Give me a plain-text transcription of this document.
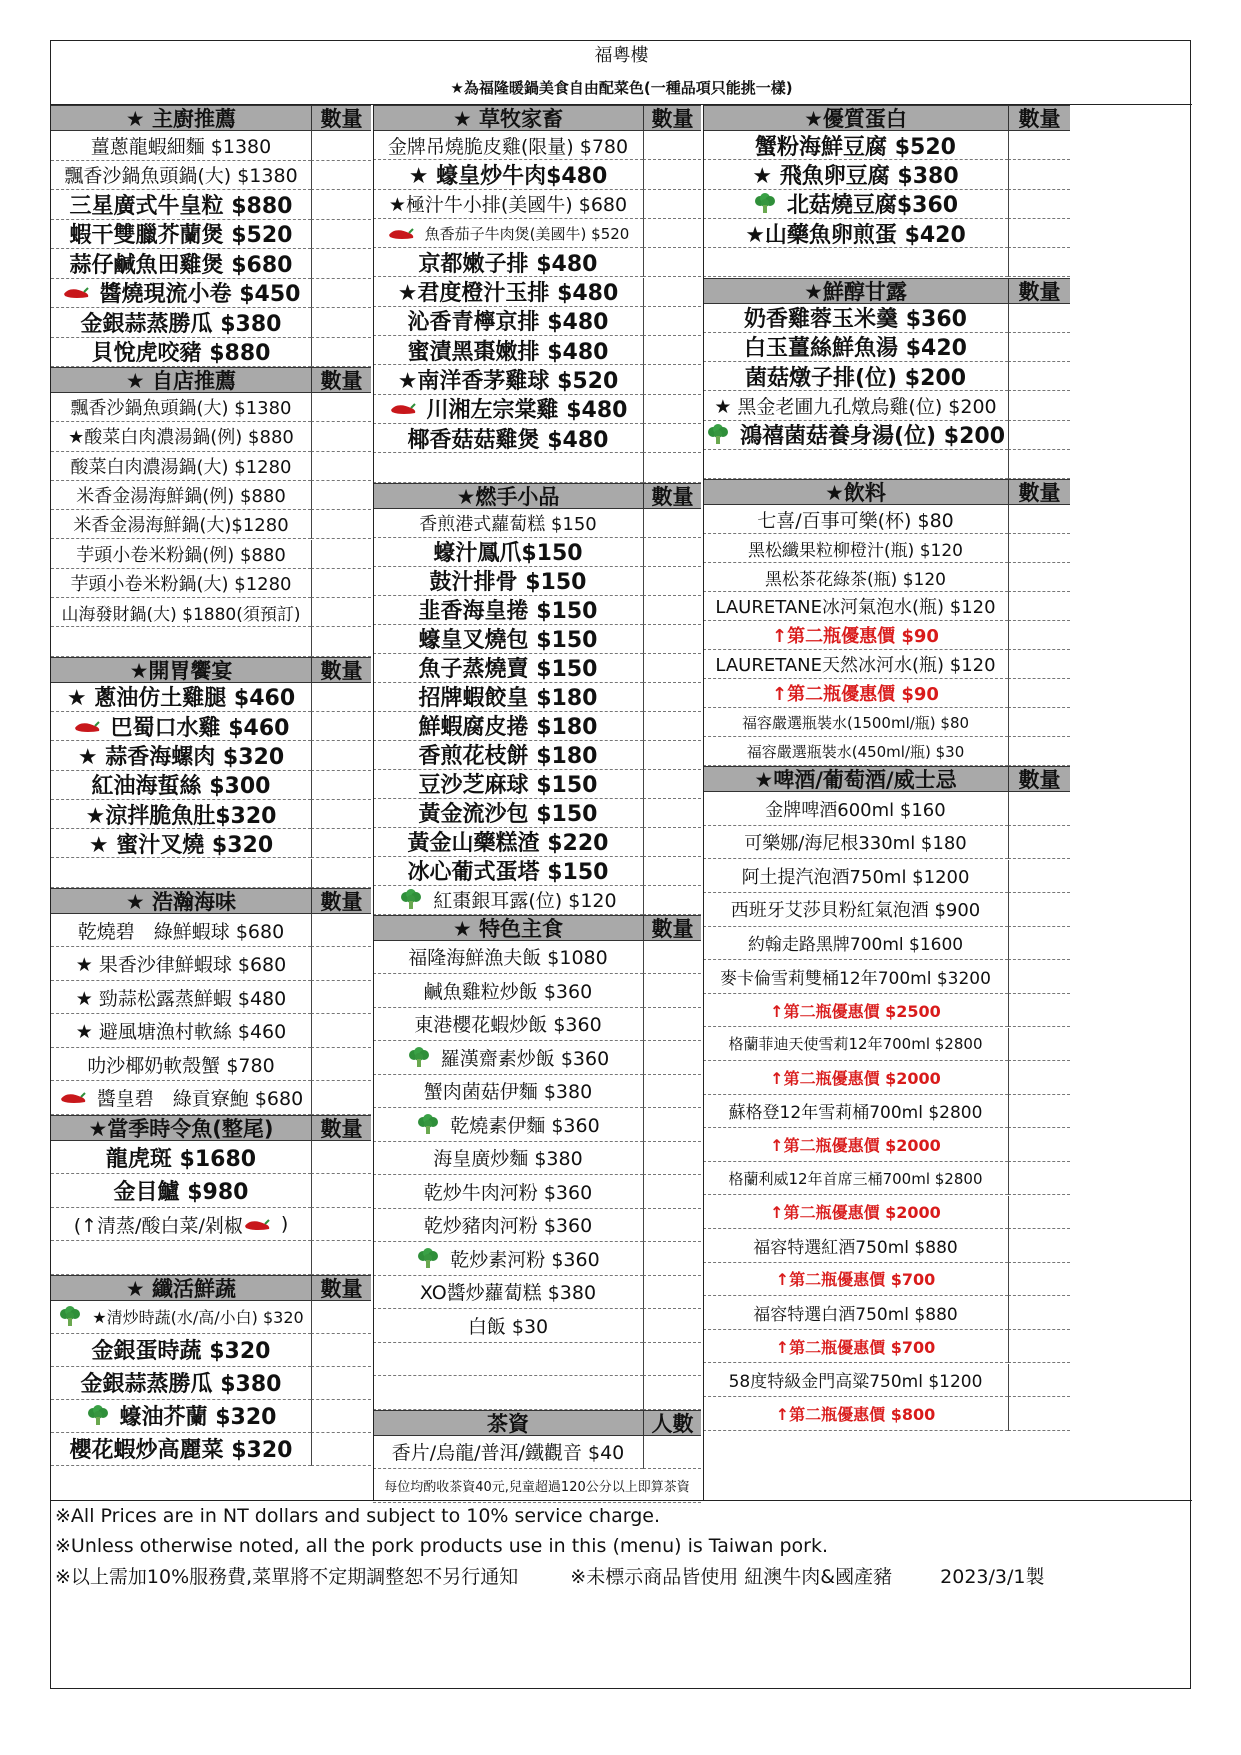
福粵樓
★為福隆暖鍋美食自由配菜色(一種品項只能挑一樣)
★ 主廚推薦	數量
薑蔥龍蝦細麵 $1380
飄香沙鍋魚頭鍋(大) $1380
三星廣式牛皇粒 $880
蝦干雙臘芥蘭煲 $520
蒜仔鹹魚田雞煲 $680
醬燒現流小卷 $450
金銀蒜蒸勝瓜 $380
貝悅虎咬豬 $880
★ 自店推薦	數量
飄香沙鍋魚頭鍋(大) $1380
★酸菜白肉濃湯鍋(例) $880
酸菜白肉濃湯鍋(大) $1280
米香金湯海鮮鍋(例) $880
米香金湯海鮮鍋(大)$1280
芋頭小卷米粉鍋(例) $880
芋頭小卷米粉鍋(大) $1280
山海發財鍋(大) $1880(須預訂)
★開胃饗宴	數量
★ 蔥油仿土雞腿 $460
巴蜀口水雞 $460
★ 蒜香海螺肉 $320
紅油海蜇絲 $300
★涼拌脆魚肚$320
★ 蜜汁叉燒 $320
★ 浩瀚海味	數量
乾燒碧　綠鮮蝦球 $680
★ 果香沙律鮮蝦球 $680
★ 勁蒜松露蒸鮮蝦 $480
★ 避風塘漁村軟絲 $460
叻沙椰奶軟殼蟹 $780
醬皇碧　綠貢寮鮑 $680
★當季時令魚(整尾)	數量
龍虎斑 $1680
金目鱸 $980
(↑清蒸/酸白菜/剁椒 )
★ 纖活鮮蔬	數量
★清炒時蔬(水/高/小白) $320
金銀蛋時蔬 $320
金銀蒜蒸勝瓜 $380
蠔油芥蘭 $320
櫻花蝦炒高麗菜 $320
★ 草牧家畜	數量
金牌吊燒脆皮雞(限量) $780
★ 蠔皇炒牛肉$480
★極汁牛小排(美國牛) $680
魚香茄子牛肉煲(美國牛) $520
京都嫩子排 $480
★君度橙汁玉排 $480
沁香青檸京排 $480
蜜漬黑棗嫩排 $480
★南洋香茅雞球 $520
川湘左宗棠雞 $480
椰香菇菇雞煲 $480
★燃手小品	數量
香煎港式蘿蔔糕 $150
蠔汁鳳爪$150
鼓汁排骨 $150
韭香海皇捲 $150
蠔皇叉燒包 $150
魚子蒸燒賣 $150
招牌蝦餃皇 $180
鮮蝦腐皮捲 $180
香煎花枝餅 $180
豆沙芝麻球 $150
黃金流沙包 $150
黃金山藥糕渣 $220
冰心葡式蛋塔 $150
紅棗銀耳露(位) $120
★ 特色主食	數量
福隆海鮮漁夫飯 $1080
鹹魚雞粒炒飯 $360
東港櫻花蝦炒飯 $360
羅漢齋素炒飯 $360
蟹肉菌菇伊麵 $380
乾燒素伊麵 $360
海皇廣炒麵 $380
乾炒牛肉河粉 $360
乾炒豬肉河粉 $360
乾炒素河粉 $360
XO醬炒蘿蔔糕 $380
白飯 $30
茶資	人數
香片/烏龍/普洱/鐵觀音 $40
每位均酌收茶資40元,兒童超過120公分以上即算茶資
★優質蛋白	數量
蟹粉海鮮豆腐 $520
★ 飛魚卵豆腐 $380
北菇燒豆腐$360
★山藥魚卵煎蛋 $420
★鮮醇甘露	數量
奶香雞蓉玉米羹 $360
白玉薑絲鮮魚湯 $420
菌菇燉子排(位) $200
★ 黑金老圃九孔燉烏雞(位) $200
鴻禧菌菇養身湯(位) $200
★飲料	數量
七喜/百事可樂(杯) $80
黑松纖果粒柳橙汁(瓶) $120
黑松茶花綠茶(瓶) $120
LAURETANE冰河氣泡水(瓶) $120
↑第二瓶優惠價 $90
LAURETANE天然冰河水(瓶) $120
↑第二瓶優惠價 $90
福容嚴選瓶裝水(1500ml/瓶) $80
福容嚴選瓶裝水(450ml/瓶) $30
★啤酒/葡萄酒/威士忌	數量
金牌啤酒600ml $160
可樂娜/海尼根330ml $180
阿土提汽泡酒750ml $1200
西班牙艾莎貝粉紅氣泡酒 $900
約翰走路黑牌700ml $1600
麥卡倫雪莉雙桶12年700ml $3200
↑第二瓶優惠價 $2500
格蘭菲迪天使雪莉12年700ml $2800
↑第二瓶優惠價 $2000
蘇格登12年雪莉桶700ml $2800
↑第二瓶優惠價 $2000
格蘭利威12年首席三桶700ml $2800
↑第二瓶優惠價 $2000
福容特選紅酒750ml $880
↑第二瓶優惠價 $700
福容特選白酒750ml $880
↑第二瓶優惠價 $700
58度特級金門高粱750ml $1200
↑第二瓶優惠價 $800
※All Prices are in NT dollars and subject to 10% service charge.
※Unless otherwise noted, all the pork products use in this (menu) is Taiwan pork.
※以上需加10%服務費,菜單將不定期調整恕不另行通知	※未標示商品皆使用 紐澳牛肉&國產豬	2023/3/1製
